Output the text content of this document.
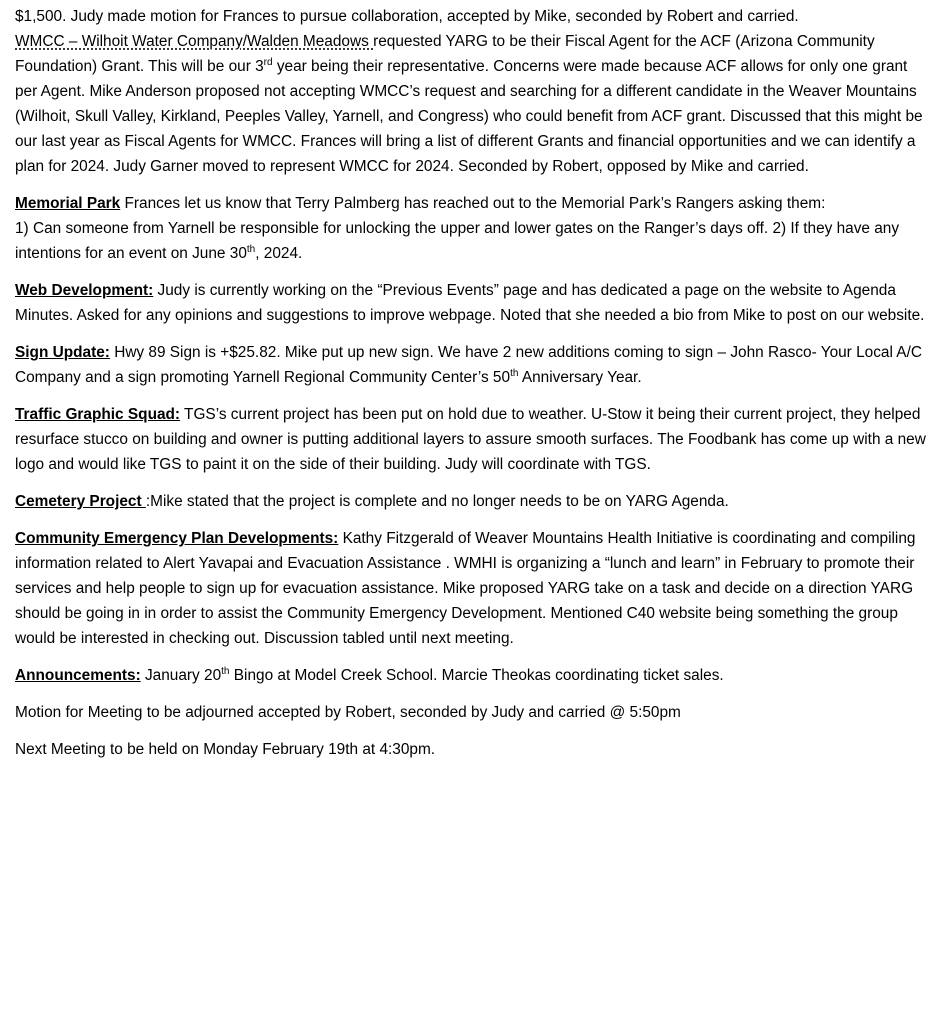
$1,500. Judy made motion for Frances to pursue collaboration, accepted by Mike, seconded by Robert and carried.
WMCC – Wilhoit Water Company/Walden Meadows requested YARG to be their Fiscal Agent for the ACF (Arizona Community Foundation) Grant. This will be our 3rd year being their representative. Concerns were made because ACF allows for only one grant per Agent. Mike Anderson proposed not accepting WMCC’s request and searching for a different candidate in the Weaver Mountains (Wilhoit, Skull Valley, Kirkland, Peeples Valley, Yarnell, and Congress) who could benefit from ACF grant. Discussed that this might be our last year as Fiscal Agents for WMCC. Frances will bring a list of different Grants and financial opportunities and we can identify a plan for 2024. Judy Garner moved to represent WMCC for 2024. Seconded by Robert, opposed by Mike and carried.

Memorial Park Frances let us know that Terry Palmberg has reached out to the Memorial Park’s Rangers asking them:
1) Can someone from Yarnell be responsible for unlocking the upper and lower gates on the Ranger’s days off. 2) If they have any intentions for an event on June 30th, 2024.

Web Development: Judy is currently working on the “Previous Events” page and has dedicated a page on the website to Agenda Minutes. Asked for any opinions and suggestions to improve webpage. Noted that she needed a bio from Mike to post on our website.

Sign Update: Hwy 89 Sign is +$25.82. Mike put up new sign. We have 2 new additions coming to sign – John Rasco- Your Local A/C Company and a sign promoting Yarnell Regional Community Center’s 50th Anniversary Year.

Traffic Graphic Squad: TGS’s current project has been put on hold due to weather. U-Stow it being their current project, they helped resurface stucco on building and owner is putting additional layers to assure smooth surfaces. The Foodbank has come up with a new logo and would like TGS to paint it on the side of their building. Judy will coordinate with TGS.

Cemetery Project :Mike stated that the project is complete and no longer needs to be on YARG Agenda.

Community Emergency Plan Developments: Kathy Fitzgerald of Weaver Mountains Health Initiative is coordinating and compiling information related to Alert Yavapai and Evacuation Assistance . WMHI is organizing a “lunch and learn” in February to promote their services and help people to sign up for evacuation assistance. Mike proposed YARG take on a task and decide on a direction YARG should be going in in order to assist the Community Emergency Development. Mentioned C40 website being something the group would be interested in checking out. Discussion tabled until next meeting.

Announcements: January 20th Bingo at Model Creek School. Marcie Theokas coordinating ticket sales.

Motion for Meeting to be adjourned accepted by Robert, seconded by Judy and carried @ 5:50pm

Next Meeting to be held on Monday February 19th at 4:30pm.
